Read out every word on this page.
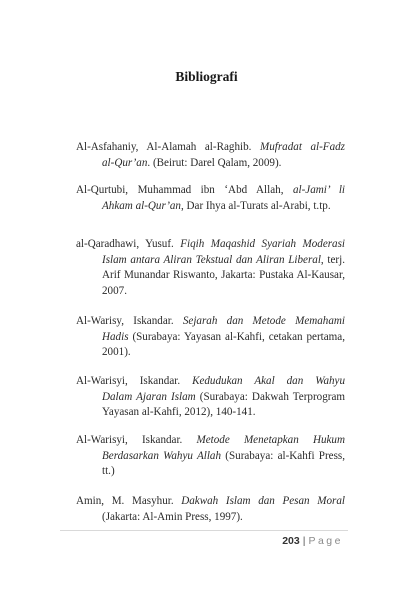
Bibliografi
Al-Asfahaniy, Al-Alamah al-Raghib. Mufradat al-Fadz
al-Qur’an. (Beirut: Darel Qalam, 2009).
Al-Qurtubi, Muhammad ibn ‘Abd Allah, al-Jami’ li
Ahkam al-Qur’an, Dar Ihya al-Turats al-Arabi, t.tp.
al-Qaradhawi, Yusuf. Fiqih Maqashid Syariah Moderasi
Islam antara Aliran Tekstual dan Aliran Liberal, terj. Arif Munandar Riswanto, Jakarta: Pustaka Al-Kausar, 2007.
Al-Warisy, Iskandar. Sejarah dan Metode Memahami
Hadis (Surabaya: Yayasan al-Kahfi, cetakan pertama, 2001).
Al-Warisyi, Iskandar. Kedudukan Akal dan Wahyu
Dalam Ajaran Islam (Surabaya: Dakwah Terprogram Yayasan al-Kahfi, 2012), 140-141.
Al-Warisyi, Iskandar. Metode Menetapkan Hukum
Berdasarkan Wahyu Allah (Surabaya: al-Kahfi Press, tt.)
Amin, M. Masyhur. Dakwah Islam dan Pesan Moral
(Jakarta: Al-Amin Press, 1997).
203 | Page
